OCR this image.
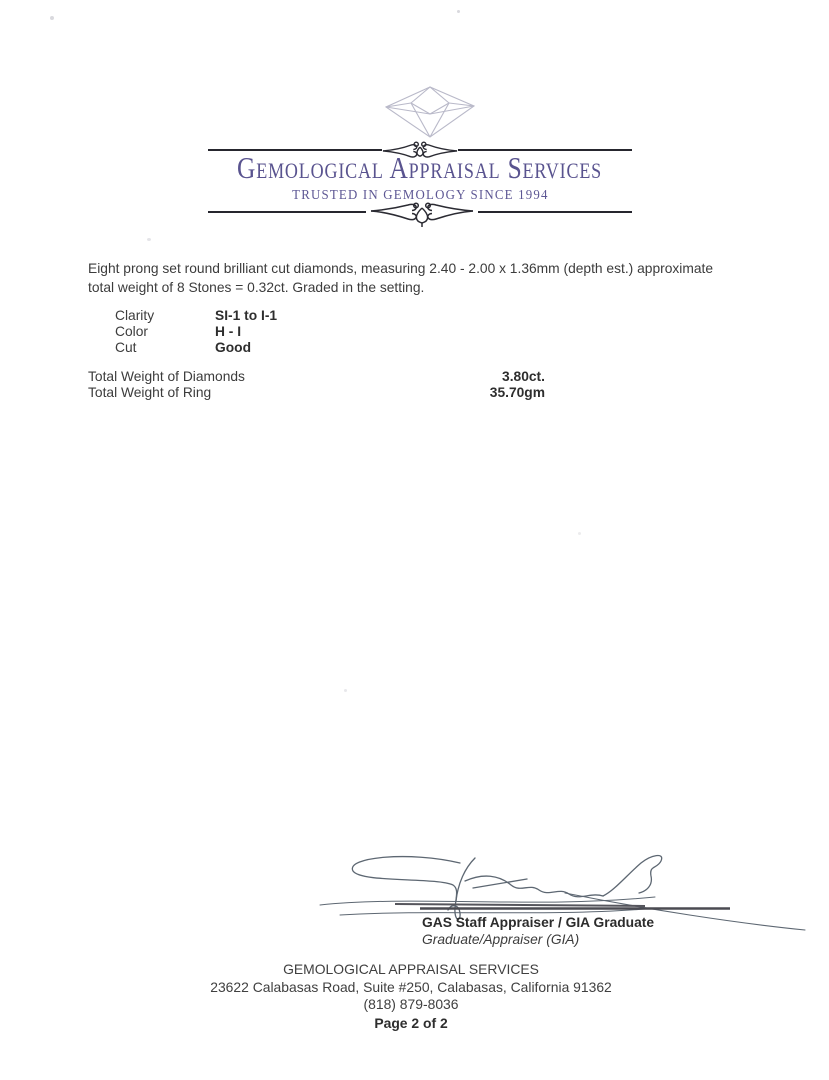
Gemological Appraisal Services
TRUSTED IN GEMOLOGY SINCE 1994
Eight prong set round brilliant cut diamonds, measuring 2.40 - 2.00 x 1.36mm (depth est.) approximate
total weight of 8 Stones = 0.32ct. Graded in the setting.
Clarity	SI-1 to I-1
Color	H - I
Cut	Good
Total Weight of Diamonds	3.80ct.
Total Weight of Ring	35.70gm
GAS Staff Appraiser / GIA Graduate
Graduate/Appraiser (GIA)
GEMOLOGICAL APPRAISAL SERVICES
23622 Calabasas Road, Suite #250, Calabasas, California 91362
(818) 879-8036
Page 2 of 2
